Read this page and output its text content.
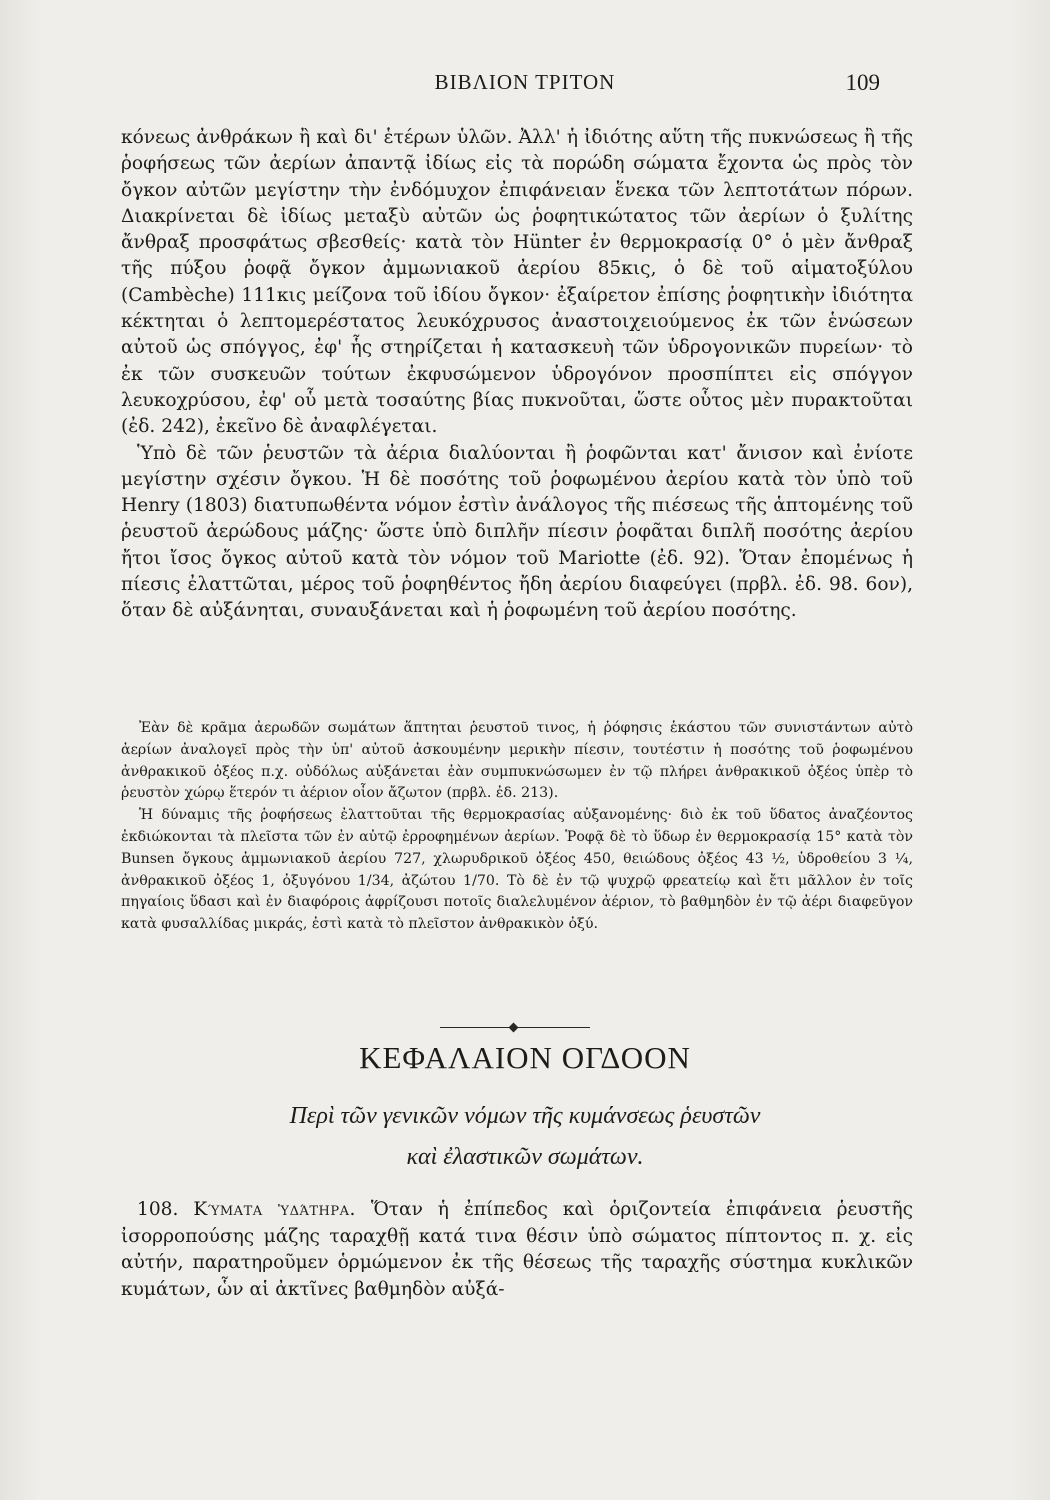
ΒΙΒΛΙΟΝ ΤΡΙΤΟΝ	109

κόνεως ἀνθράκων ἢ καὶ δι' ἑτέρων ὑλῶν. Ἀλλ' ἡ ἰδιότης αὕτη τῆς πυκνώσεως ἢ τῆς ῥοφήσεως τῶν ἀερίων ἀπαντᾷ ἰδίως εἰς τὰ πορώδη σώματα ἔχοντα ὡς πρὸς τὸν ὄγκον αὐτῶν μεγίστην τὴν ἐνδόμυχον ἐπιφάνειαν ἕνεκα τῶν λεπτοτάτων πόρων. Διακρίνεται δὲ ἰδίως μεταξὺ αὐτῶν ὡς ῥοφητικώτατος τῶν ἀερίων ὁ ξυλίτης ἄνθραξ προσφάτως σβεσθείς· κατὰ τὸν Hünter ἐν θερμοκρασίᾳ 0° ὁ μὲν ἄνθραξ τῆς πύξου ῥοφᾷ ὄγκον ἀμμωνιακοῦ ἀερίου 85κις, ὁ δὲ τοῦ αἱματοξύλου (Cambèche) 111κις μείζονα τοῦ ἰδίου ὄγκον· ἐξαίρετον ἐπίσης ῥοφητικὴν ἰδιότητα κέκτηται ὁ λεπτομερέστατος λευκόχρυσος ἀναστοιχειούμενος ἐκ τῶν ἑνώσεων αὐτοῦ ὡς σπόγγος, ἐφ' ἧς στηρίζεται ἡ κατασκευὴ τῶν ὑδρογονικῶν πυρείων· τὸ ἐκ τῶν συσκευῶν τούτων ἐκφυσώμενον ὑδρογόνον προσπίπτει εἰς σπόγγον λευκοχρύσου, ἐφ' οὗ μετὰ τοσαύτης βίας πυκνοῦται, ὥστε οὗτος μὲν πυρακτοῦται (ἐδ. 242), ἐκεῖνο δὲ ἀναφλέγεται.

Ὑπὸ δὲ τῶν ῥευστῶν τὰ ἀέρια διαλύονται ἢ ῥοφῶνται κατ' ἄνισον καὶ ἐνίοτε μεγίστην σχέσιν ὄγκου. Ἡ δὲ ποσότης τοῦ ῥοφωμένου ἀερίου κατὰ τὸν ὑπὸ τοῦ Henry (1803) διατυπωθέντα νόμον ἐστὶν ἀνάλογος τῆς πιέσεως τῆς ἁπτομένης τοῦ ῥευστοῦ ἀερώδους μάζης· ὥστε ὑπὸ διπλῆν πίεσιν ῥοφᾶται διπλῆ ποσότης ἀερίου ἤτοι ἴσος ὄγκος αὐτοῦ κατὰ τὸν νόμον τοῦ Mariotte (ἐδ. 92). Ὅταν ἐπομένως ἡ πίεσις ἐλαττῶται, μέρος τοῦ ῥοφηθέντος ἤδη ἀερίου διαφεύγει (πρβλ. ἐδ. 98. 6ον), ὅταν δὲ αὐξάνηται, συναυξάνεται καὶ ἡ ῥοφωμένη τοῦ ἀερίου ποσότης.

Ἐὰν δὲ κρᾶμα ἀερωδῶν σωμάτων ἅπτηται ῥευστοῦ τινος, ἡ ῥόφησις ἑκάστου τῶν συνιστάντων αὐτὸ ἀερίων ἀναλογεῖ πρὸς τὴν ὑπ' αὐτοῦ ἀσκουμένην μερικὴν πίεσιν, τουτέστιν ἡ ποσότης τοῦ ῥοφωμένου ἀνθρακικοῦ ὀξέος π.χ. οὐδόλως αὐξάνεται ἐὰν συμπυκνώσωμεν ἐν τῷ πλήρει ἀνθρακικοῦ ὀξέος ὑπὲρ τὸ ῥευστὸν χώρῳ ἕτερόν τι ἀέριον οἷον ἄζωτον (πρβλ. ἐδ. 213).

Ἡ δύναμις τῆς ῥοφήσεως ἐλαττοῦται τῆς θερμοκρασίας αὐξανομένης· διὸ ἐκ τοῦ ὕδατος ἀναζέοντος ἐκδιώκονται τὰ πλεῖστα τῶν ἐν αὐτῷ ἐρροφημένων ἀερίων. Ῥοφᾷ δὲ τὸ ὕδωρ ἐν θερμοκρασίᾳ 15° κατὰ τὸν Bunsen ὄγκους ἀμμωνιακοῦ ἀερίου 727, χλωρυδρικοῦ ὀξέος 450, θειώδους ὀξέος 43 ½, ὑδροθείου 3 ¼, ἀνθρακικοῦ ὀξέος 1, ὀξυγόνου 1/34, ἀζώτου 1/70. Τὸ δὲ ἐν τῷ ψυχρῷ φρεατείῳ καὶ ἔτι μᾶλλον ἐν τοῖς πηγαίοις ὕδασι καὶ ἐν διαφόροις ἀφρίζουσι ποτοῖς διαλελυμένον ἀέριον, τὸ βαθμηδὸν ἐν τῷ ἀέρι διαφεῦγον κατὰ φυσαλλίδας μικράς, ἐστὶ κατὰ τὸ πλεῖστον ἀνθρακικὸν ὀξύ.

ΚΕΦΑΛΑΙΟΝ ΟΓΔΟΟΝ
Περὶ τῶν γενικῶν νόμων τῆς κυμάνσεως ῥευστῶν
καὶ ἐλαστικῶν σωμάτων.

108. Κύματα ὑδάτηρα. Ὅταν ἡ ἐπίπεδος καὶ ὁριζοντεία ἐπιφάνεια ῥευστῆς ἰσορροπούσης μάζης ταραχθῇ κατά τινα θέσιν ὑπὸ σώματος πίπτοντος π. χ. εἰς αὐτήν, παρατηροῦμεν ὁρμώμενον ἐκ τῆς θέσεως τῆς ταραχῆς σύστημα κυκλικῶν κυμάτων, ὧν αἱ ἀκτῖνες βαθμηδὸν αὐξά-
